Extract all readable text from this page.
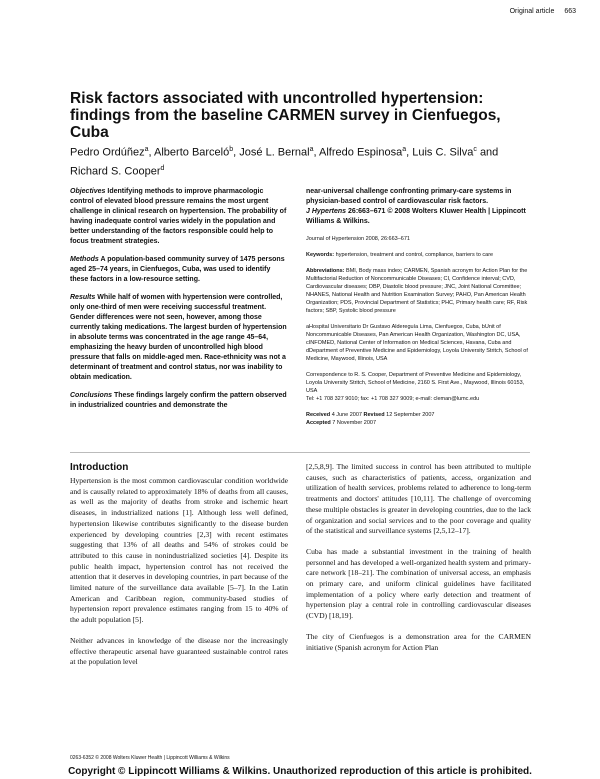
Original article 663
Risk factors associated with uncontrolled hypertension: findings from the baseline CARMEN survey in Cienfuegos, Cuba
Pedro Ordúñez$^a$, Alberto Barceló$^b$, José L. Bernal$^a$, Alfredo Espinosa$^a$, Luis C. Silva$^c$ and Richard S. Cooper$^d$

Objectives Identifying methods to improve pharmacologic control of elevated blood pressure remains the most urgent challenge in clinical research on hypertension. The probability of having inadequate control varies widely in the population and better understanding of the factors responsible could help to focus treatment strategies.

Methods A population-based community survey of 1475 persons aged 25–74 years, in Cienfuegos, Cuba, was used to identify these factors in a low-resource setting.

Results While half of women with hypertension were controlled, only one-third of men were receiving successful treatment. Gender differences were not seen, however, among those currently taking medications. The largest burden of hypertension in absolute terms was concentrated in the age range 45–64, emphasizing the heavy burden of uncontrolled high blood pressure that falls on middle-aged men. Race-ethnicity was not a determinant of treatment and control status, nor was inability to obtain medication.

Conclusions These findings largely confirm the pattern observed in industrialized countries and demonstrate the

near-universal challenge confronting primary-care systems in physician-based control of cardiovascular risk factors.
J Hypertens 26:663–671 © 2008 Wolters Kluwer Health | Lippincott Williams & Wilkins.

Journal of Hypertension 2008, 26:663–671

Keywords: hypertension, treatment and control, compliance, barriers to care

Abbreviations: BMI, Body mass index; CARMEN, Spanish acronym for Action Plan for the Multifactorial Reduction of Noncommunicable Diseases; CI, Confidence interval; CVD, Cardiovascular diseases; DBP, Diastolic blood pressure; JNC, Joint National Committee; NHANES, National Health and Nutrition Examination Survey; PAHO, Pan American Health Organization; PDS, Provincial Department of Statistics; PHC, Primary health care; RF, Risk factors; SBP, Systolic blood pressure

aHospital Universitario Dr Gustavo Aldereguía Lima, Cienfuegos, Cuba, bUnit of Noncommunicable Diseases, Pan American Health Organization, Washington DC, USA, cINFOMED, National Center of Information on Medical Sciences, Havana, Cuba and dDepartment of Preventive Medicine and Epidemiology, Loyola University Stritch, School of Medicine, Maywood, Illinois, USA

Correspondence to R. S. Cooper, Department of Preventive Medicine and Epidemiology, Loyola University Stritch, School of Medicine, 2160 S. First Ave., Maywood, Illinois 60153, USA
Tel: +1 708 327 9010; fax: +1 708 327 9009; e-mail: cleman@lumc.edu

Received 4 June 2007 Revised 12 September 2007
Accepted 7 November 2007

Introduction

Hypertension is the most common cardiovascular condition worldwide and is causally related to approximately 18% of deaths from all causes, as well as the majority of deaths from stroke and ischemic heart diseases, in industrialized nations [1]. Although less well defined, hypertension likewise contributes significantly to the disease burden experienced by developing countries [2,3] with recent estimates suggesting that 13% of all deaths and 54% of strokes could be attributed to this cause in nonindustrialized societies [4]. Despite its public health impact, hypertension control has not received the attention that it deserves in developing countries, in part because of the limited nature of the surveillance data available [5–7]. In the Latin American and Caribbean region, community-based studies of hypertension report prevalence estimates ranging from 15 to 40% of the adult population [5].

Neither advances in knowledge of the disease nor the increasingly effective therapeutic arsenal have guaranteed sustainable control rates at the population level

[2,5,8,9]. The limited success in control has been attributed to multiple causes, such as characteristics of patients, access, organization and utilization of health services, problems related to adherence to long-term treatments and doctors' attitudes [10,11]. The challenge of overcoming these multiple obstacles is greater in developing countries, due to the lack of organization and social services and to the poor coverage and quality of the statistical and surveillance systems [2,5,12–17].

Cuba has made a substantial investment in the training of health personnel and has developed a well-organized health system and primary-care network [18–21]. The combination of universal access, an emphasis on primary care, and uniform clinical guidelines have facilitated implementation of a policy where early detection and treatment of hypertension play a central role in controlling cardiovascular diseases (CVD) [18,19].

The city of Cienfuegos is a demonstration area for the CARMEN initiative (Spanish acronym for Action Plan

0263-6352 © 2008 Wolters Kluwer Health | Lippincott Williams & Wilkins
Copyright © Lippincott Williams & Wilkins. Unauthorized reproduction of this article is prohibited.
